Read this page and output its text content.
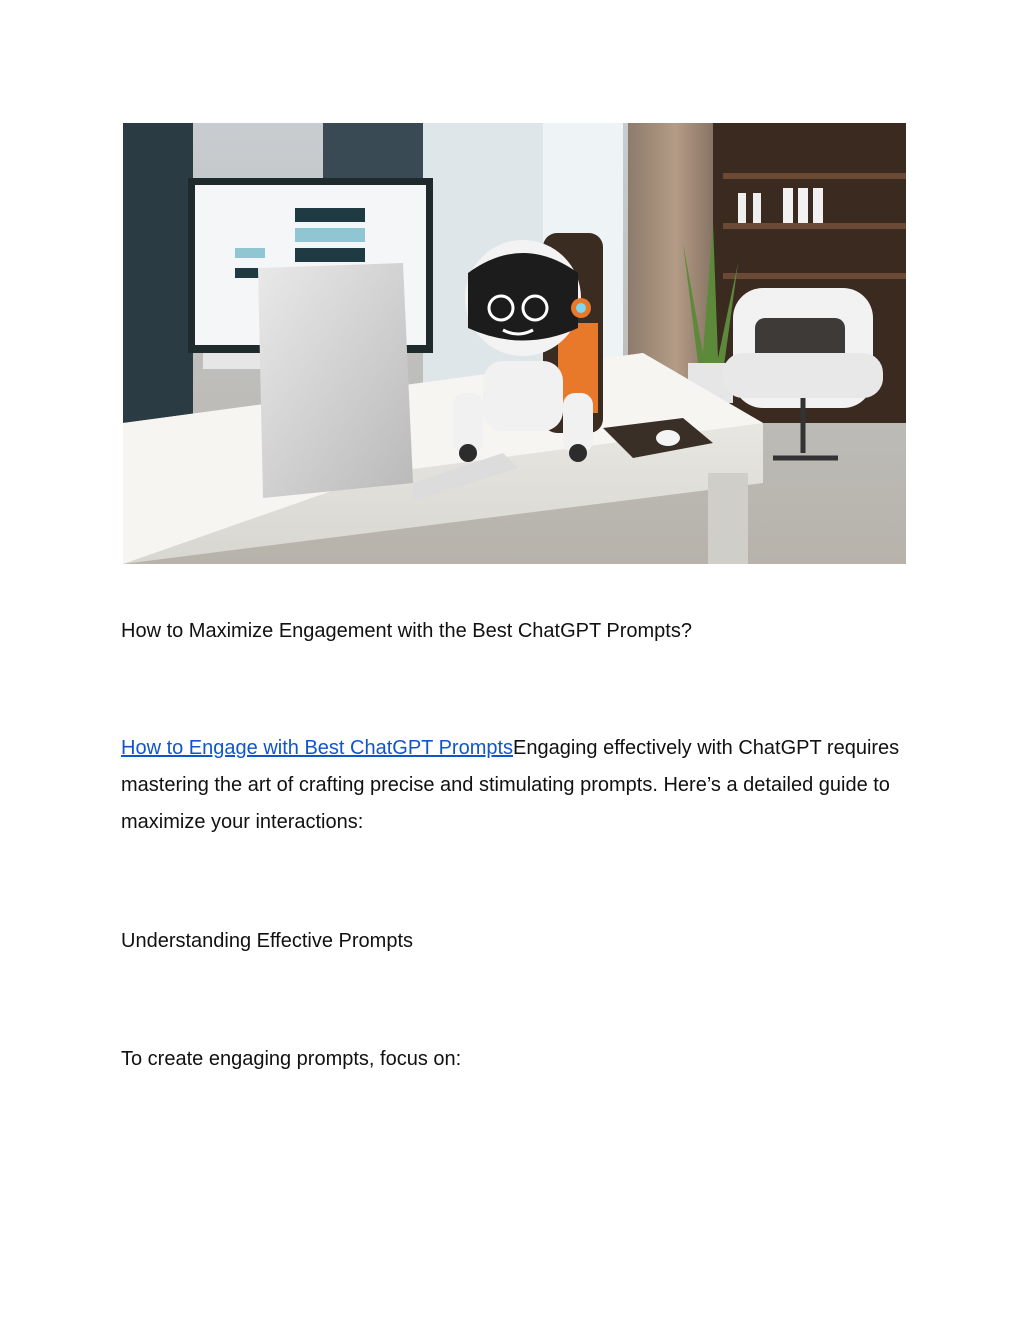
How to Maximize Engagement with the Best ChatGPT Prompts?

How to Engage with Best ChatGPT PromptsEngaging effectively with ChatGPT requires mastering the art of crafting precise and stimulating prompts. Here’s a detailed guide to maximize your interactions:

Understanding Effective Prompts

To create engaging prompts, focus on:
